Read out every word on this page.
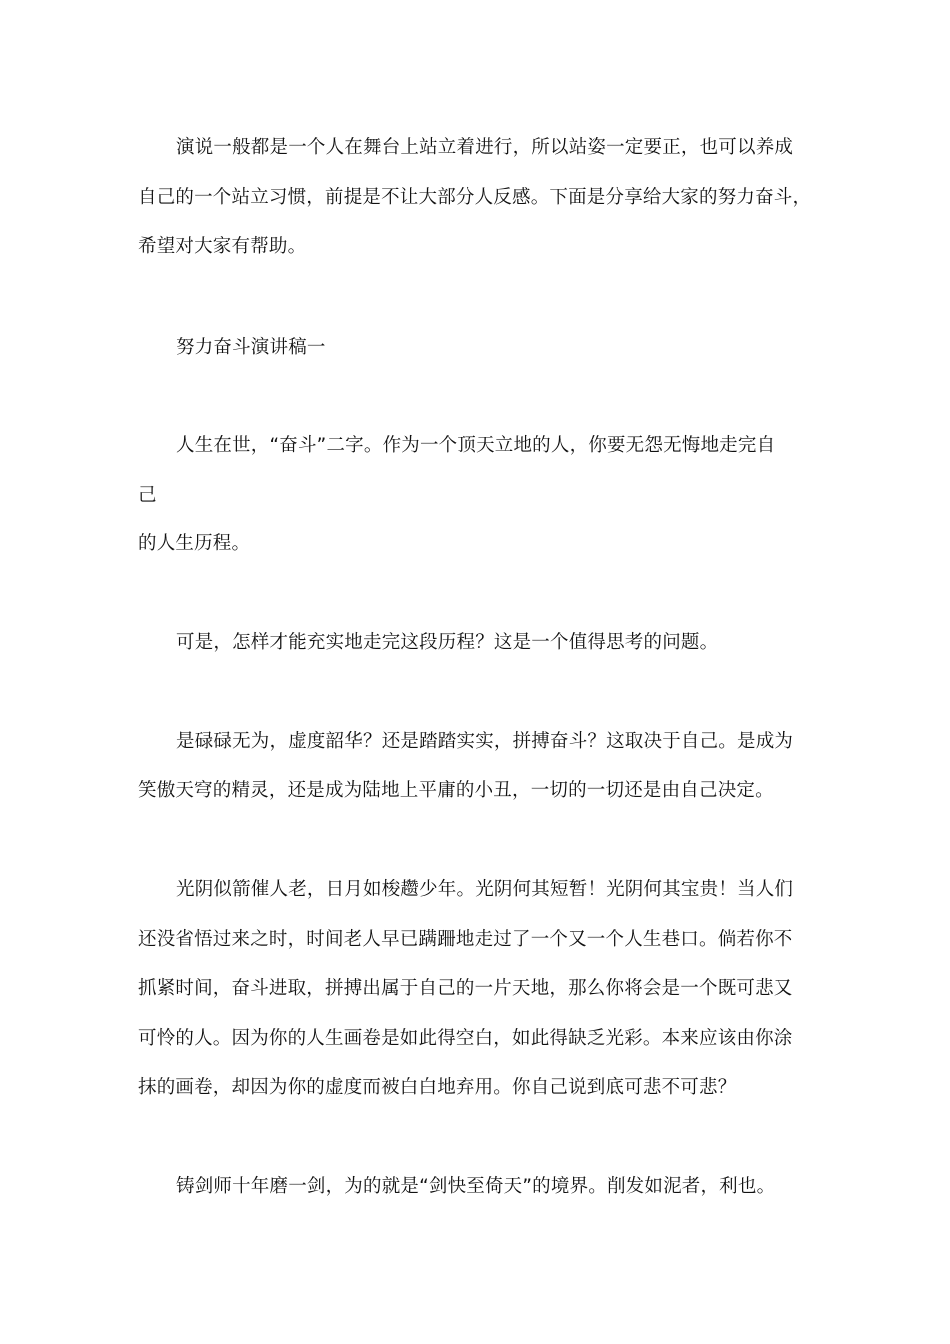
演说一般都是一个人在舞台上站立着进行，所以站姿一定要正，也可以养成
自己的一个站立习惯，前提是不让大部分人反感。下面是分享给大家的努力奋斗，
希望对大家有帮助。
努力奋斗演讲稿一
人生在世，“奋斗”二字。作为一个顶天立地的人，你要无怨无悔地走完自
己
的人生历程。
可是，怎样才能充实地走完这段历程？这是一个值得思考的问题。
是碌碌无为，虚度韶华？还是踏踏实实，拼搏奋斗？这取决于自己。是成为
笑傲天穹的精灵，还是成为陆地上平庸的小丑，一切的一切还是由自己决定。
光阴似箭催人老，日月如梭趱少年。光阴何其短暂！光阴何其宝贵！当人们
还没省悟过来之时，时间老人早已蹒跚地走过了一个又一个人生巷口。倘若你不
抓紧时间，奋斗进取，拼搏出属于自己的一片天地，那么你将会是一个既可悲又
可怜的人。因为你的人生画卷是如此得空白，如此得缺乏光彩。本来应该由你涂
抹的画卷，却因为你的虚度而被白白地弃用。你自己说到底可悲不可悲？
铸剑师十年磨一剑，为的就是“剑快至倚天”的境界。削发如泥者，利也。
